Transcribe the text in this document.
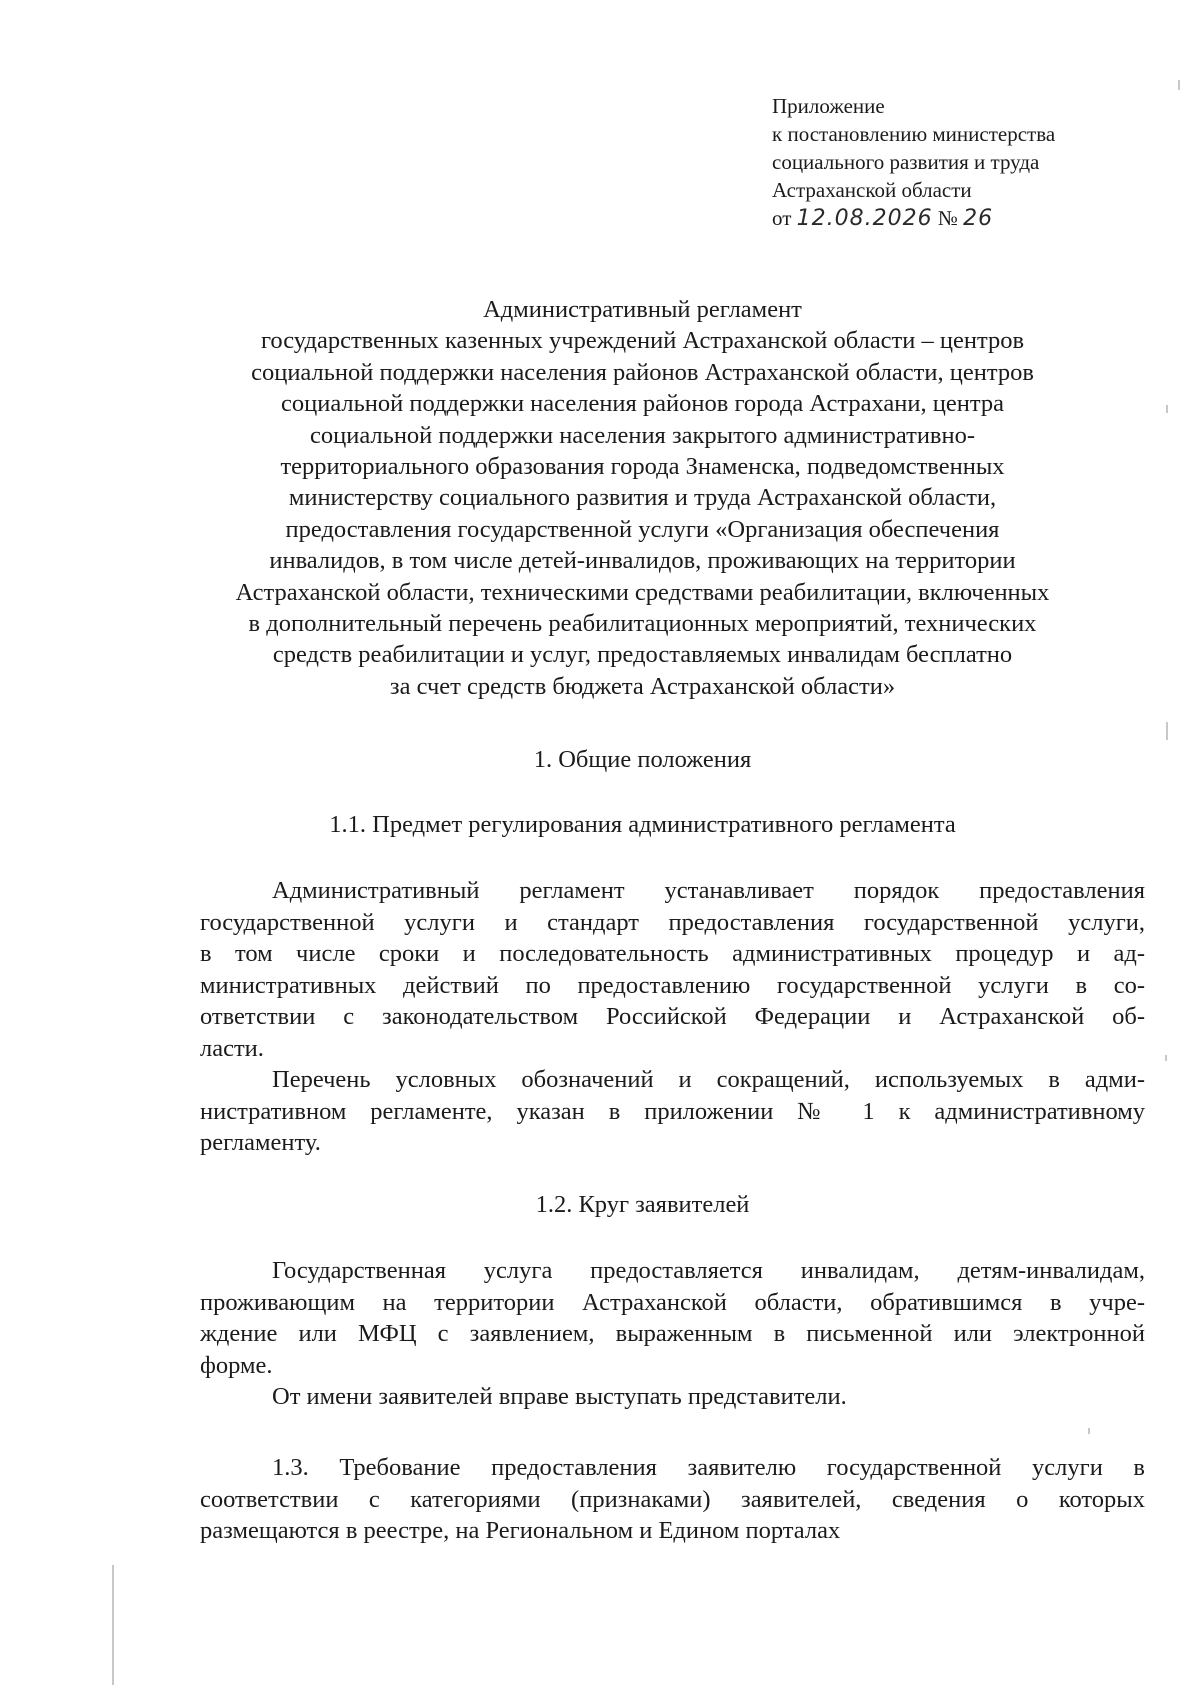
Приложение
к постановлению министерства
социального развития и труда
Астраханской области
от 12.08.2026 № 26
Административный регламент
государственных казенных учреждений Астраханской области – центров
социальной поддержки населения районов Астраханской области, центров
социальной поддержки населения районов города Астрахани, центра
социальной поддержки населения закрытого административно-
территориального образования города Знаменска, подведомственных
министерству социального развития и труда Астраханской области,
предоставления государственной услуги «Организация обеспечения
инвалидов, в том числе детей-инвалидов, проживающих на территории
Астраханской области, техническими средствами реабилитации, включенных
в дополнительный перечень реабилитационных мероприятий, технических
средств реабилитации и услуг, предоставляемых инвалидам бесплатно
за счет средств бюджета Астраханской области»
1. Общие положения
1.1. Предмет регулирования административного регламента
Административный регламент устанавливает порядок предоставления
государственной услуги и стандарт предоставления государственной услуги,
в том числе сроки и последовательность административных процедур и ад-
министративных действий по предоставлению государственной услуги в со-
ответствии с законодательством Российской Федерации и Астраханской об-
ласти.
Перечень условных обозначений и сокращений, используемых в адми-
нистративном регламенте, указан в приложении № 1 к административному
регламенту.
1.2. Круг заявителей
Государственная услуга предоставляется инвалидам, детям-инвалидам,
проживающим на территории Астраханской области, обратившимся в учре-
ждение или МФЦ с заявлением, выраженным в письменной или электронной
форме.
От имени заявителей вправе выступать представители.
1.3. Требование предоставления заявителю государственной услуги в
соответствии с категориями (признаками) заявителей, сведения о которых
размещаются в реестре, на Региональном и Едином порталах
